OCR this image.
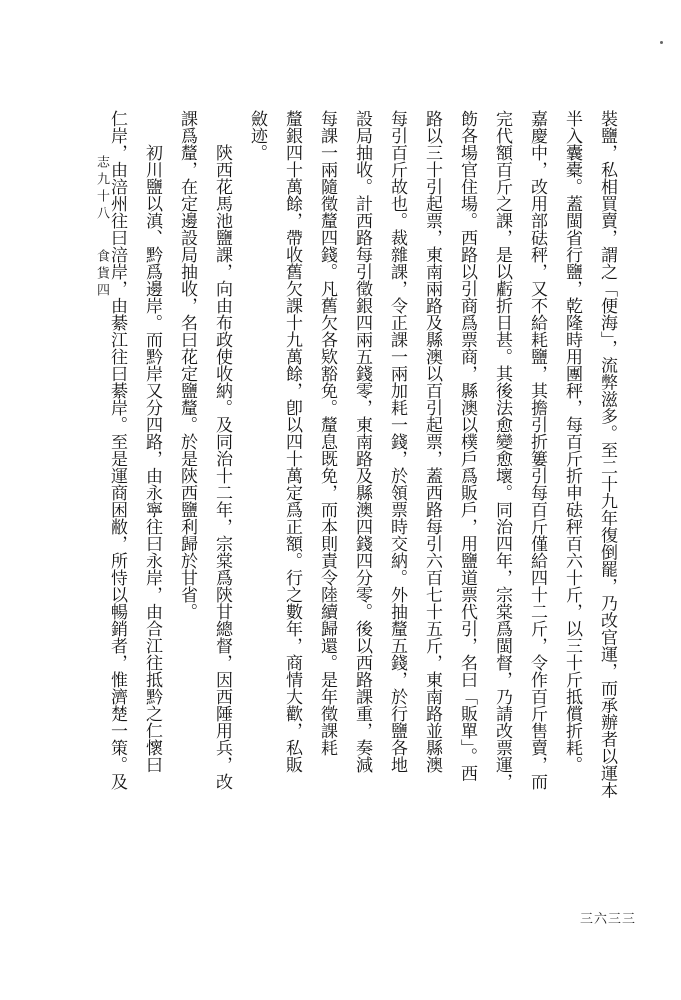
裝鹽，私相買賣，謂之「便海」，流弊滋多。至二十九年復倒罷，乃改官運，而承辦者以運本
半入囊橐。蓋閩省行鹽，乾隆時用團秤，每百斤折申砝秤百六十斤，以三十斤抵償折耗。
嘉慶中，改用部砝秤，又不給耗鹽，其擔引折簍引每百斤僅給四十二斤，令作百斤售賣，而
完代額百斤之課，是以虧折日甚。其後法愈變愈壞。同治四年，宗棠爲閩督，乃請改票運，
飭各場官住場。西路以引商爲票商，縣澳以樸戶爲販戶，用鹽道票代引，名曰「販單」。西
路以三十引起票，東南兩路及縣澳以百引起票，蓋西路每引六百七十五斤，東南路並縣澳
每引百斤故也。裁雜課，令正課一兩加耗一錢，於領票時交納。外抽釐五錢，於行鹽各地
設局抽收。計西路每引徵銀四兩五錢零，東南路及縣澳四錢四分零。後以西路課重，奏減
每課一兩隨徵釐四錢。凡舊欠各欵豁免。釐息既免，而本則責令陸續歸還。是年徵課耗
釐銀四十萬餘，帶收舊欠課十九萬餘，卽以四十萬定爲正額。行之數年，商情大歡，私販
斂迹。
陝西花馬池鹽課，向由布政使收納。及同治十二年，宗棠爲陝甘總督，因西陲用兵，改
課爲釐，在定邊設局抽收，名曰花定鹽釐。於是陝西鹽利歸於甘省。
初川鹽以滇、黔爲邊岸。而黔岸又分四路，由永寧往曰永岸，由合江往抵黔之仁懷曰
仁岸，由涪州往曰涪岸，由綦江往曰綦岸。至是運商困敝，所恃以暢銷者，惟濟楚一策。及
志九十八食貨四
三六三三
